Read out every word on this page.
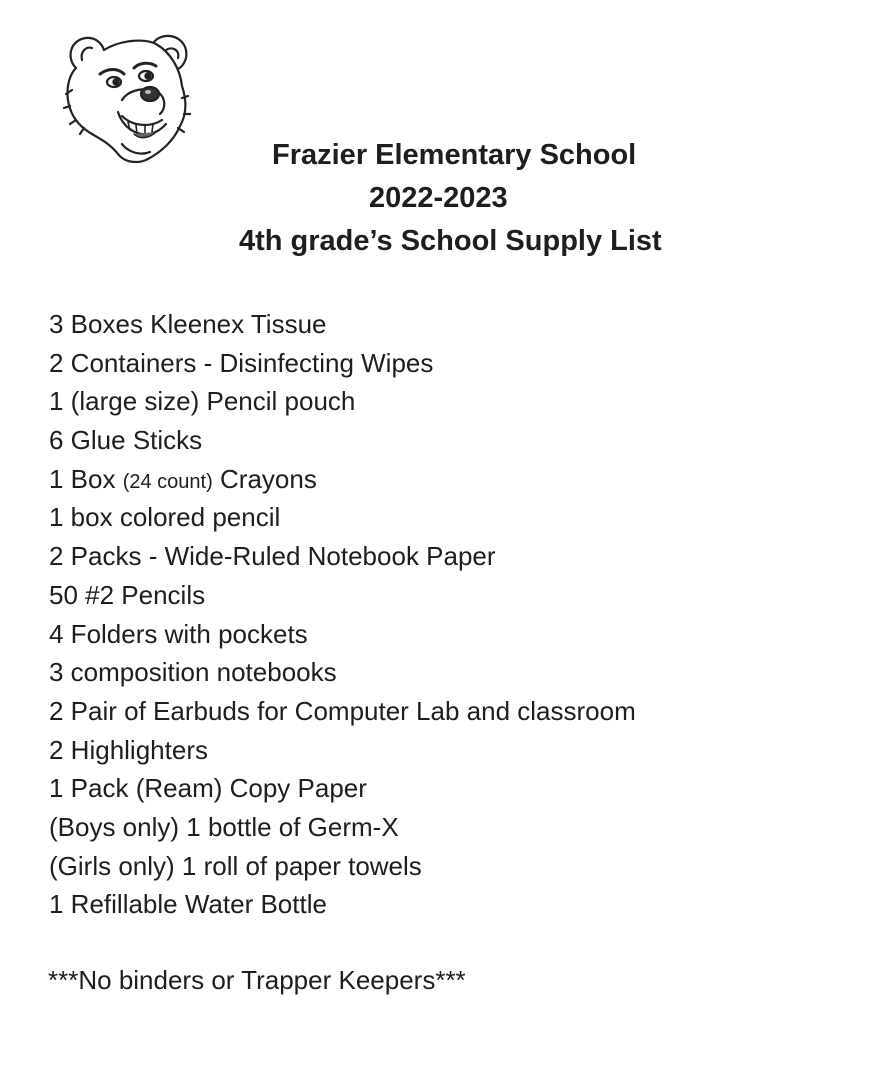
Frazier Elementary School
2022-2023
4th grade’s School Supply List
3 Boxes Kleenex Tissue
2 Containers - Disinfecting Wipes
1 (large size) Pencil pouch
6 Glue Sticks
1 Box (24 count) Crayons
1 box colored pencil
2 Packs - Wide-Ruled Notebook Paper
50 #2 Pencils
4 Folders with pockets
3 composition notebooks
2 Pair of Earbuds for Computer Lab and classroom
2 Highlighters
1 Pack (Ream) Copy Paper
(Boys only) 1 bottle of Germ-X
(Girls only) 1 roll of paper towels
1 Refillable Water Bottle
***No binders or Trapper Keepers***
